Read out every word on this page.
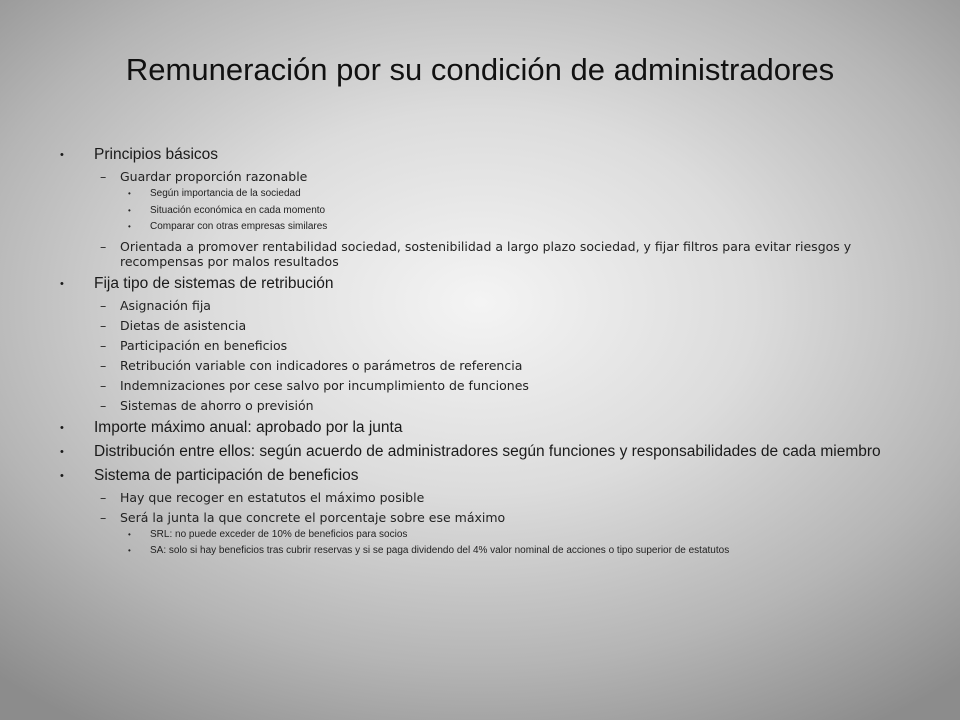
Remuneración por su condición de administradores
• Principios básicos
– Guardar proporción razonable
• Según importancia de la sociedad
• Situación económica en cada momento
• Comparar con otras empresas similares
– Orientada a promover rentabilidad sociedad, sostenibilidad a largo plazo sociedad, y fijar filtros para evitar riesgos y recompensas por malos resultados
• Fija tipo de sistemas de retribución
– Asignación fija
– Dietas de asistencia
– Participación en beneficios
– Retribución variable con indicadores o parámetros de referencia
– Indemnizaciones por cese salvo por incumplimiento de funciones
– Sistemas de ahorro o previsión
• Importe máximo anual: aprobado por la junta
• Distribución entre ellos: según acuerdo de administradores según funciones y responsabilidades de cada miembro
• Sistema de participación de beneficios
– Hay que recoger en estatutos el máximo posible
– Será la junta la que concrete el porcentaje sobre ese máximo
• SRL: no puede exceder de 10% de beneficios para socios
• SA: solo si hay beneficios tras cubrir reservas y si se paga dividendo del 4% valor nominal de acciones o tipo superior de estatutos
